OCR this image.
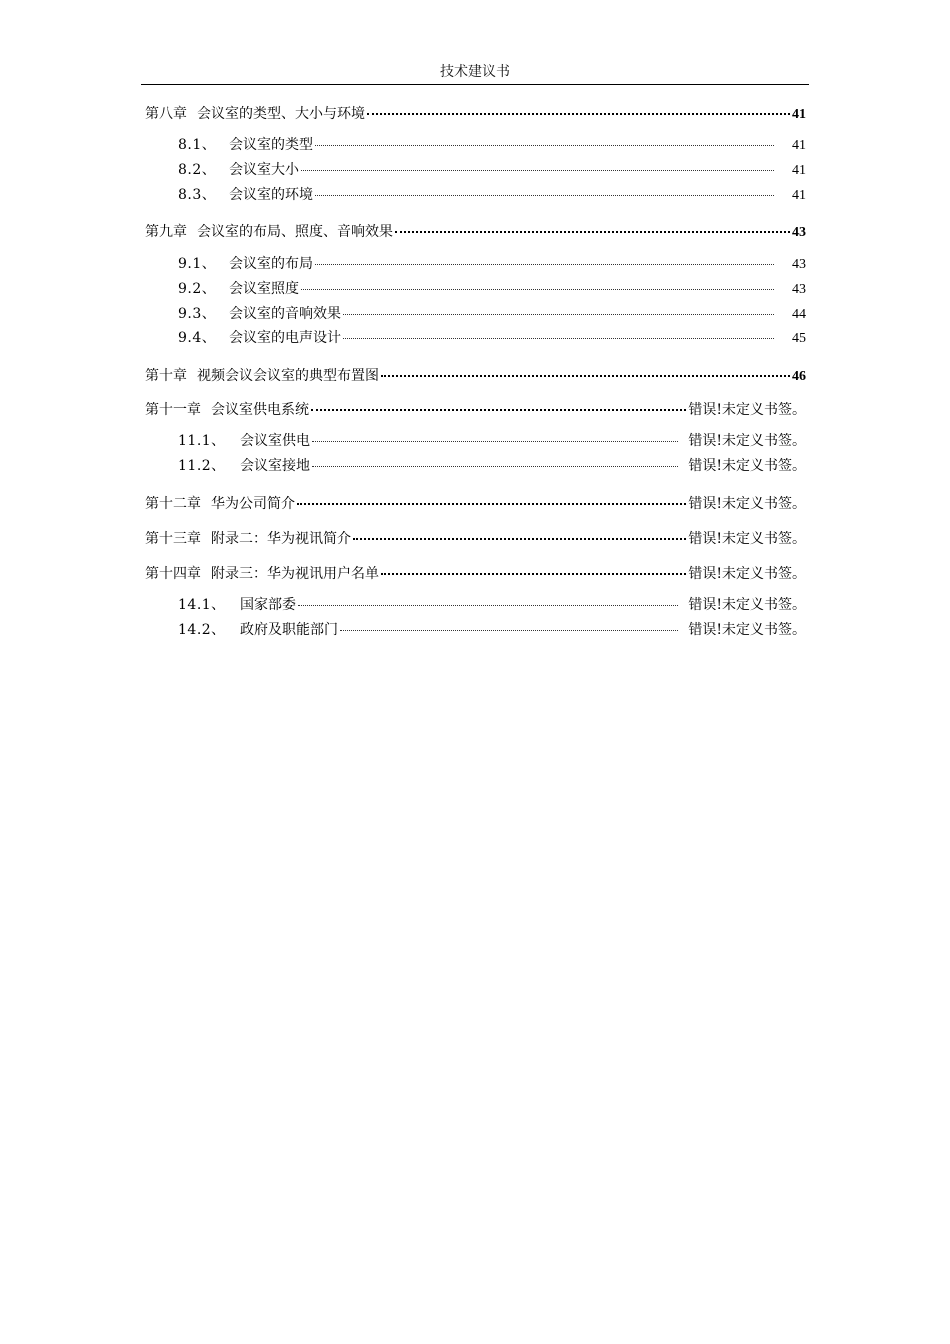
技术建议书
第八章 会议室的类型、大小与环境	41
8.1、 会议室的类型	41
8.2、 会议室大小	41
8.3、 会议室的环境	41
第九章 会议室的布局、照度、音响效果	43
9.1、 会议室的布局	43
9.2、 会议室照度	43
9.3、 会议室的音响效果	44
9.4、 会议室的电声设计	45
第十章 视频会议会议室的典型布置图	46
第十一章 会议室供电系统	错误!未定义书签。
11.1、	会议室供电	错误!未定义书签。
11.2、	会议室接地	错误!未定义书签。
第十二章 华为公司简介	错误!未定义书签。
第十三章 附录二：华为视讯简介	错误!未定义书签。
第十四章 附录三：华为视讯用户名单	错误!未定义书签。
14.1、	国家部委	错误!未定义书签。
14.2、	政府及职能部门	错误!未定义书签。
